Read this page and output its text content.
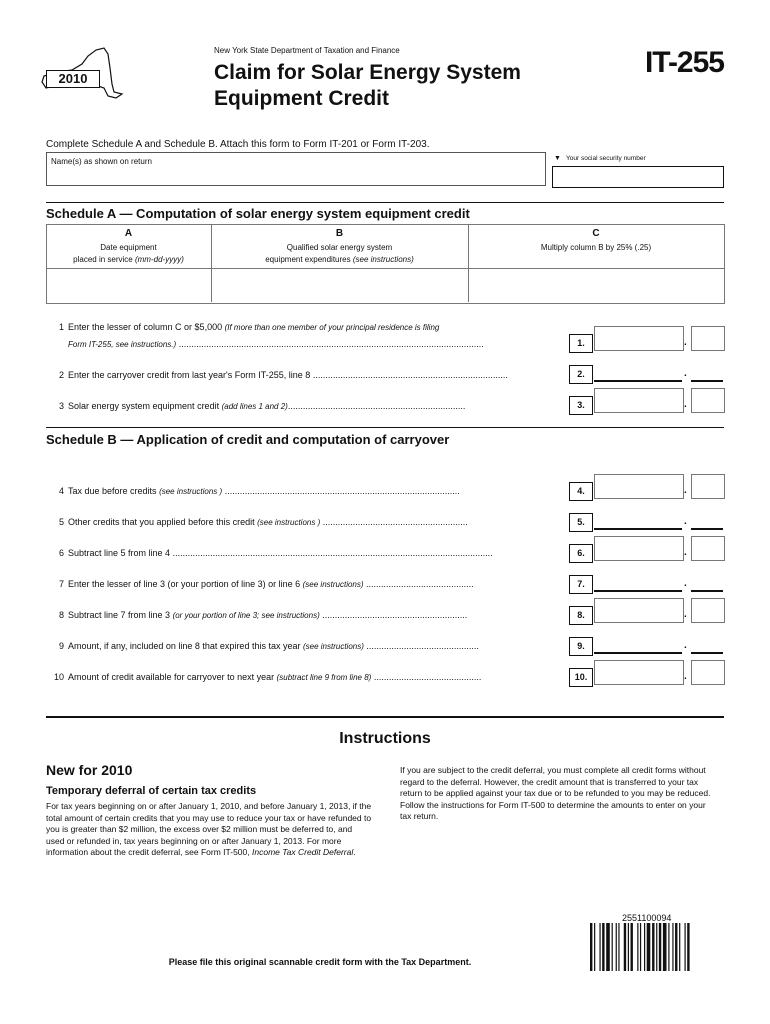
2010
New York State Department of Taxation and Finance
Claim for Solar Energy System
Equipment Credit
IT-255
Complete Schedule A and Schedule B. Attach this form to Form IT-201 or Form IT-203.
Name(s) as shown on return	▼ Your social security number
Schedule A — Computation of solar energy system equipment credit
A	B	C
Date equipment
placed in service (mm-dd-yyyy)
Qualified solar energy system
equipment expenditures (see instructions)
Multiply column B by 25% (.25)
1 Enter the lesser of column C or $5,000 (If more than one member of your principal residence is filing
Form IT-255, see instructions.) ..........................................................................................................................
2 Enter the carryover credit from last year's Form IT-255, line 8 ..............................................................................
3 Solar energy system equipment credit (add lines 1 and 2).......................................................................
1.	.
2.	.
3.	.
Schedule B — Application of credit and computation of carryover
4 Tax due before credits (see instructions ) ..............................................................................................	4.	.
5 Other credits that you applied before this credit (see instructions ) ..........................................................	5.	.
6 Subtract line 5 from line 4 ................................................................................................................................	6.	.
7 Enter the lesser of line 3 (or your portion of line 3) or line 6 (see instructions) ...........................................	7.	.
8 Subtract line 7 from line 3 (or your portion of line 3; see instructions) ..........................................................	8.	.
9 Amount, if any, included on line 8 that expired this tax year (see instructions) .............................................	9.	.
10 Amount of credit available for carryover to next year (subtract line 9 from line 8) ...........................................	10.	.
Instructions
New for 2010
Temporary deferral of certain tax credits
For tax years beginning on or after January 1, 2010, and before January 1, 2013, if the total amount of certain credits that you may use to reduce your tax or have refunded to you is greater than $2 million, the excess over $2 million must be deferred to, and used or refunded in, tax years beginning on or after January 1, 2013. For more information about the credit deferral, see Form IT-500, Income Tax Credit Deferral.
If you are subject to the credit deferral, you must complete all credit forms without regard to the deferral. However, the credit amount that is transferred to your tax return to be applied against your tax due or to be refunded to you may be reduced. Follow the instructions for Form IT-500 to determine the amounts to enter on your tax return.
2551100094
Please file this original scannable credit form with the Tax Department.
